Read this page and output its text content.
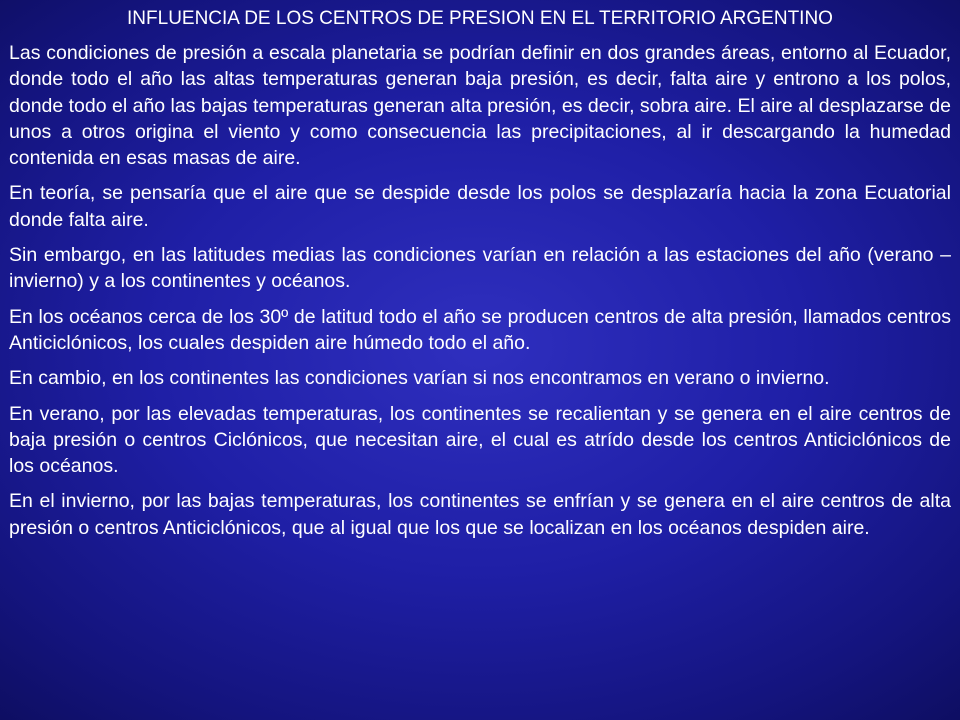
INFLUENCIA DE LOS CENTROS DE PRESION EN EL TERRITORIO ARGENTINO

Las condiciones de presión a escala planetaria se podrían definir en dos grandes áreas, entorno al Ecuador, donde todo el año las altas temperaturas generan baja presión, es decir, falta aire y entrono a los polos, donde todo el año las bajas temperaturas generan alta presión, es decir, sobra aire. El aire al desplazarse de unos a otros origina el viento y como consecuencia las precipitaciones, al ir descargando la humedad contenida en esas masas de aire.

En teoría, se pensaría que el aire que se despide desde los polos se desplazaría hacia la zona Ecuatorial donde falta aire.

Sin embargo, en las latitudes medias las condiciones varían en relación a las estaciones del año (verano – invierno) y a los continentes y océanos.

En los océanos cerca de los 30º de latitud todo el año se producen centros de alta presión, llamados centros Anticiclónicos, los cuales despiden aire húmedo todo el año.

En cambio, en los continentes las condiciones varían si nos encontramos en verano o invierno.

En verano, por las elevadas temperaturas, los continentes se recalientan y se genera en el aire centros de baja presión o centros Ciclónicos, que necesitan aire, el cual es atrído desde los centros Anticiclónicos de los océanos.

En el invierno, por las bajas temperaturas, los continentes se enfrían y se genera en el aire centros de alta presión o centros Anticiclónicos, que al igual que los que se localizan en los océanos despiden aire.
